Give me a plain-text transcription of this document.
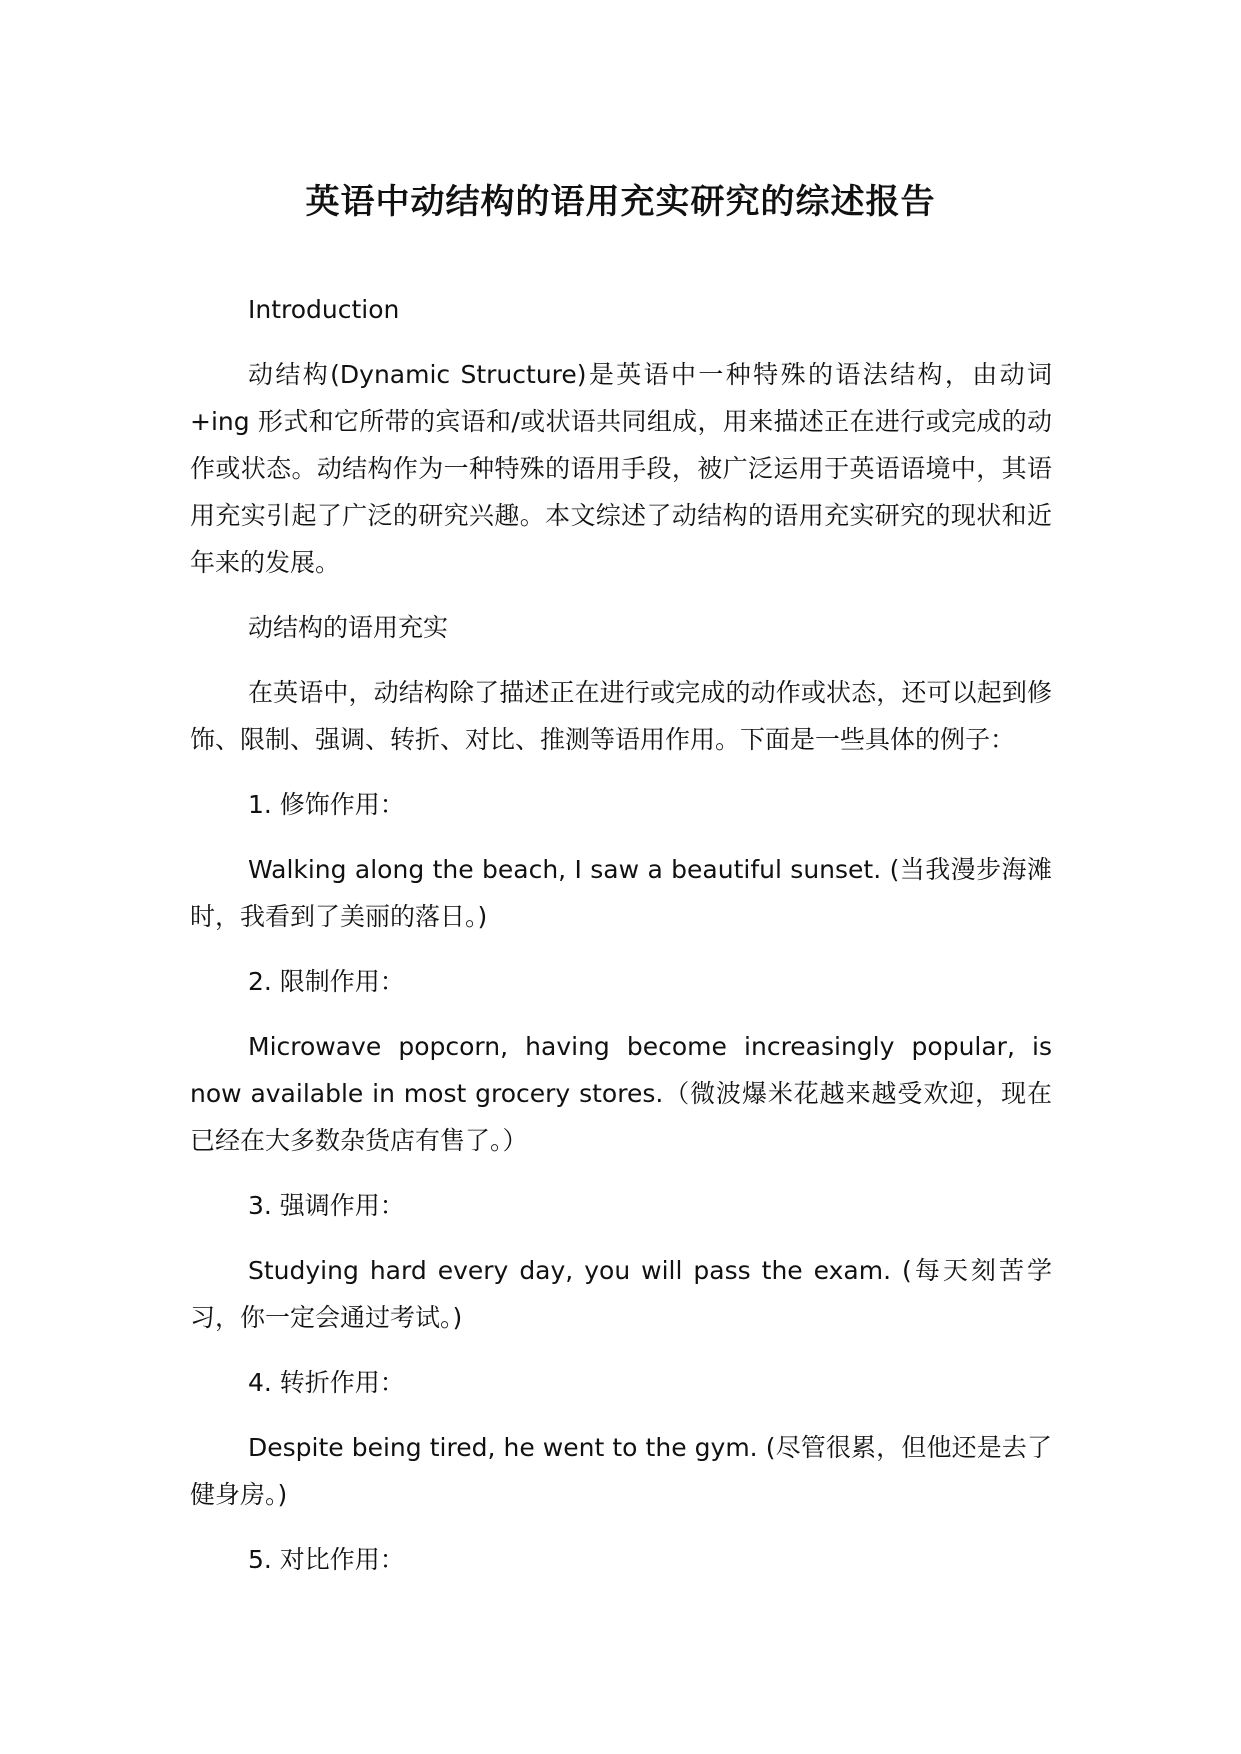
英语中动结构的语用充实研究的综述报告

Introduction

动结构(Dynamic Structure)是英语中一种特殊的语法结构，由动词+ing 形式和它所带的宾语和/或状语共同组成，用来描述正在进行或完成的动作或状态。动结构作为一种特殊的语用手段，被广泛运用于英语语境中，其语用充实引起了广泛的研究兴趣。本文综述了动结构的语用充实研究的现状和近年来的发展。

动结构的语用充实

在英语中，动结构除了描述正在进行或完成的动作或状态，还可以起到修饰、限制、强调、转折、对比、推测等语用作用。下面是一些具体的例子：

1. 修饰作用：

Walking along the beach, I saw a beautiful sunset. (当我漫步海滩时，我看到了美丽的落日。)

2. 限制作用：

Microwave popcorn, having become increasingly popular, is now available in most grocery stores.（微波爆米花越来越受欢迎，现在已经在大多数杂货店有售了。）

3. 强调作用：

Studying hard every day, you will pass the exam. (每天刻苦学习，你一定会通过考试。)

4. 转折作用：

Despite being tired, he went to the gym. (尽管很累，但他还是去了健身房。)

5. 对比作用：
